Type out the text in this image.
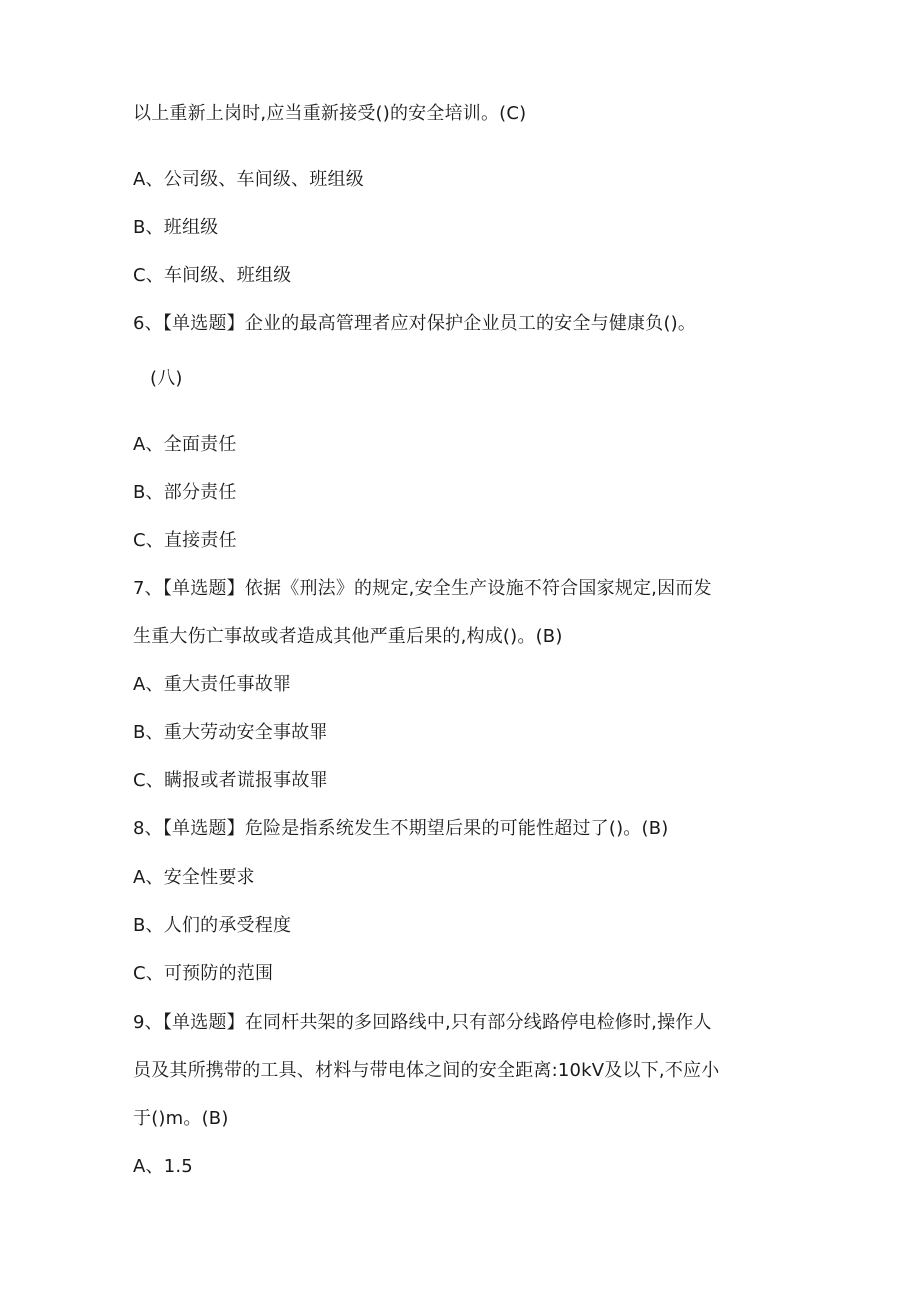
以上重新上岗时,应当重新接受()的安全培训。(C)
A、公司级、车间级、班组级
B、班组级
C、车间级、班组级
6、【单选题】企业的最高管理者应对保护企业员工的安全与健康负()。
(八)
A、全面责任
B、部分责任
C、直接责任
7、【单选题】依据《刑法》的规定,安全生产设施不符合国家规定,因而发
生重大伤亡事故或者造成其他严重后果的,构成()。(B)
A、重大责任事故罪
B、重大劳动安全事故罪
C、瞒报或者谎报事故罪
8、【单选题】危险是指系统发生不期望后果的可能性超过了()。(B)
A、安全性要求
B、人们的承受程度
C、可预防的范围
9、【单选题】在同杆共架的多回路线中,只有部分线路停电检修时,操作人
员及其所携带的工具、材料与带电体之间的安全距离:10kV及以下,不应小
于()m。(B)
A、1.5
